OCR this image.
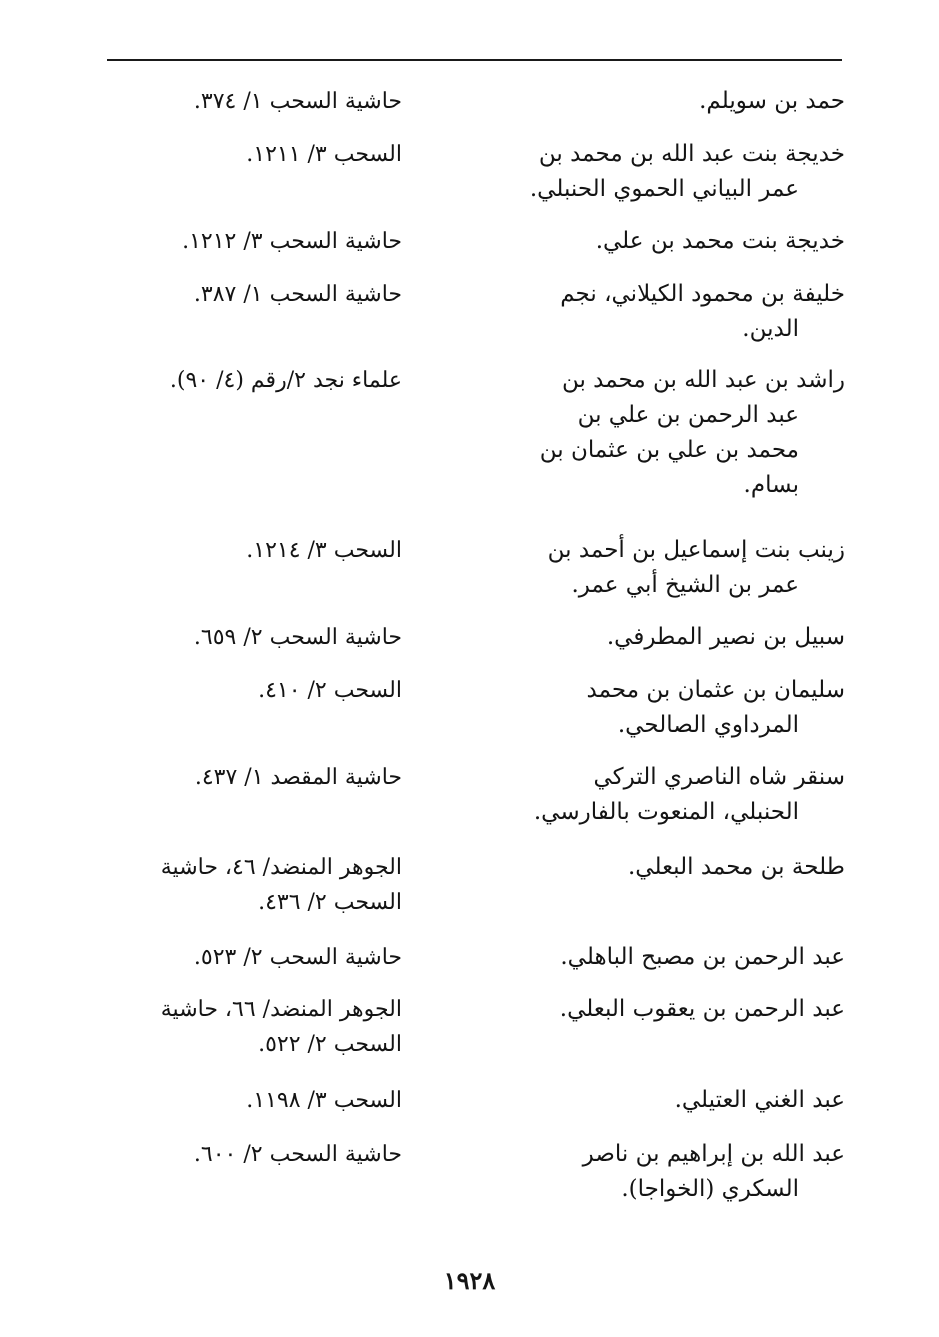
حمد بن سويلم.
حاشية السحب ١/ ٣٧٤.
خديجة بنت عبد الله بن محمد بن
عمر البياني الحموي الحنبلي.
السحب ٣/ ١٢١١.
خديجة بنت محمد بن علي.
حاشية السحب ٣/ ١٢١٢.
خليفة بن محمود الكيلاني، نجم
الدين.
حاشية السحب ١/ ٣٨٧.
راشد بن عبد الله بن محمد بن
عبد الرحمن بن علي بن
محمد بن علي بن عثمان بن
بسام.
علماء نجد ٢/رقم (٤/ ٩٠).
زينب بنت إسماعيل بن أحمد بن
عمر بن الشيخ أبي عمر.
السحب ٣/ ١٢١٤.
سبيل بن نصير المطرفي.
حاشية السحب ٢/ ٦٥٩.
سليمان بن عثمان بن محمد
المرداوي الصالحي.
السحب ٢/ ٤١٠.
سنقر شاه الناصري التركي
الحنبلي، المنعوت بالفارسي.
حاشية المقصد ١/ ٤٣٧.
طلحة بن محمد البعلي.
الجوهر المنضد/ ٤٦، حاشية
السحب ٢/ ٤٣٦.
عبد الرحمن بن مصبح الباهلي.
حاشية السحب ٢/ ٥٢٣.
عبد الرحمن بن يعقوب البعلي.
الجوهر المنضد/ ٦٦، حاشية
السحب ٢/ ٥٢٢.
عبد الغني العتيلي.
السحب ٣/ ١١٩٨.
عبد الله بن إبراهيم بن ناصر
السكري (الخواجا).
حاشية السحب ٢/ ٦٠٠.
١٩٢٨
